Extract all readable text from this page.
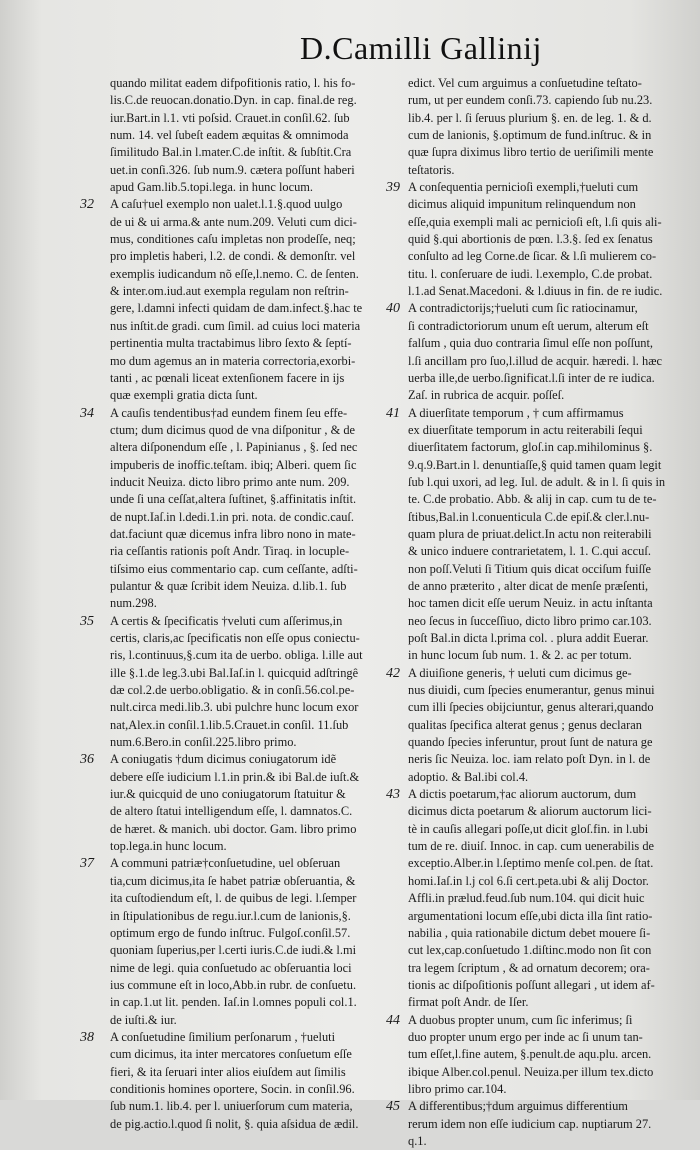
D.Camilli Gallinij
quando militat eadem difpofitionis ratio, l. his fo-
lis.C.de reuocan.donatio.Dyn. in cap. final.de reg.
iur.Bart.in l.1. vti poſsid. Crauet.in conſil.62. ſub
num. 14. vel ſubeſt eadem æquitas & omnimoda
ſimilitudo Bal.in l.mater.C.de inſtit. & ſubſtit.Cra
uet.in conſi.326. ſub num.9. cætera poſſunt haberi
apud Gam.lib.5.topi.lega. in hunc locum.
32 A caſu†uel exemplo non ualet.l.1.§.quod uulgo
de ui & ui arma.& ante num.209. Veluti cum dici-
mus, conditiones caſu impletas non prodeſſe, neq;
pro impletis haberi, l.2. de condi. & demonſtr. vel
exemplis iudicandum nõ eſſe,l.nemo. C. de ſenten.
& inter.om.iud.aut exempla regulam non reſtrin-
gere, l.damni infecti quidam de dam.infect.§.hac te
nus inſtit.de gradi. cum ſimil. ad cuius loci materia
pertinentia multa tractabimus libro ſexto & ſeptí-
mo dum agemus an in materia correctoria,exorbi-
tanti , ac pœnali liceat extenſionem facere in ijs
quæ exempli gratia dicta ſunt.
34 A cauſis tendentibus†ad eundem finem ſeu effe-
ctum; dum dicimus quod de vna diſponitur , & de
altera diſponendum eſſe , l. Papinianus , §. ſed nec
impuberis de inoffic.teſtam. ibiq; Alberi. quem ſic
inducit Neuiza. dicto libro primo ante num. 209.
unde ſi una ceſſat,altera ſuſtinet, §.affinitatis inſtit.
de nupt.Iaſ.in l.dedi.1.in pri. nota. de condic.cauſ.
dat.faciunt quæ dicemus infra libro nono in mate-
ria ceſſantis rationis poſt Andr. Tiraq. in locuple-
tiſsimo eius commentario cap. cum ceſſante, adſti-
pulantur & quæ ſcribit idem Neuiza. d.lib.1. ſub
num.298.
35 A certis & ſpecificatis †veluti cum aſſerimus,in
certis, claris,ac ſpecificatis non eſſe opus coniectu-
ris, l.continuus,§.cum ita de uerbo. obliga. l.ille aut
ille §.1.de leg.3.ubi Bal.Iaſ.in l. quicquid adſtringê
dæ col.2.de uerbo.obligatio. & in conſi.56.col.pe-
nult.circa medi.lib.3. ubi pulchre hunc locum exor
nat,Alex.in conſil.1.lib.5.Crauet.in conſil. 11.ſub
num.6.Bero.in conſil.225.libro primo.
36 A coniugatis †dum dicimus coniugatorum idẽ
debere eſſe iudicium l.1.in prin.& ibi Bal.de iuſt.&
iur.& quicquid de uno coniugatorum ſtatuitur &
de altero ſtatui intelligendum eſſe, l. damnatos.C.
de hæret. & manich. ubi doctor. Gam. libro primo
top.lega.in hunc locum.
37 A communi patriæ†conſuetudine, uel obſeruan
tia,cum dicimus,ita ſe habet patriæ obſeruantia, &
ita cuſtodiendum eſt, l. de quibus de legi. l.ſemper
in ſtipulationibus de regu.iur.l.cum de lanionis,§.
optimum ergo de fundo inſtruc. Fulgoſ.conſil.57.
quoniam ſuperius,per l.certi iuris.C.de iudi.& l.mi
nime de legi. quia conſuetudo ac obſeruantia loci
ius commune eſt in loco,Abb.in rubr. de conſuetu.
in cap.1.ut lit. penden. Iaſ.in l.omnes populi col.1.
de iuſti.& iur.
38 A conſuetudine ſimilium perſonarum , †ueluti
cum dicimus, ita inter mercatores conſuetum eſſe
fieri, & ita ſeruari inter alios eiuſdem aut ſimilis
conditionis homines oportere, Socin. in conſil.96.
ſub num.1. lib.4. per l. uniuerſorum cum materia,
de pig.actio.l.quod ſi nolit, §. quia aſsidua de ædil.
edict. Vel cum arguimus a conſuetudine teſtato-
rum, ut per eundem conſi.73. capiendo ſub nu.23.
lib.4. per l. ſi ſeruus plurium §. en. de leg. 1. & d.
cum de lanionis, §.optimum de fund.inſtruc. & in
quæ ſupra diximus libro tertio de ueriſimili mente
teſtatoris.
39 A conſequentia pernicioſi exempli,†ueluti cum
dicimus aliquid impunitum relinquendum non
eſſe,quia exempli mali ac pernicioſi eſt, l.ſi quis ali-
quid §.qui abortionis de pœn. l.3.§. ſed ex ſenatus
conſulto ad leg Corne.de ſicar. & l.ſi mulierem co-
titu. l. conſeruare de iudi. l.exemplo, C.de probat.
l.1.ad Senat.Macedoni. & l.diuus in fin. de re iudic.
40 A contradictorijs;†ueluti cum ſic ratiocinamur,
ſi contradictoriorum unum eſt uerum, alterum eſt
falſum , quia duo contraria ſimul eſſe non poſſunt,
l.ſi ancillam pro ſuo,l.illud de acquir. hæredi. l. hæc
uerba ille,de uerbo.ſignificat.l.ſi inter de re iudica.
Zaſ. in rubrica de acquir. poſſeſ.
41 A diuerſitate temporum , † cum affirmamus
ex diuerſitate temporum in actu reiterabili ſequi
diuerſitatem factorum, gloſ.in cap.mihilominus §.
9.q.9.Bart.in l. denuntiaſſe,§ quid tamen quam legit
ſub l.qui uxori, ad leg. Iul. de adult. & in l. ſi quis in
te. C.de probatio. Abb. & alij in cap. cum tu de te-
ſtibus,Bal.in l.conuenticula C.de epiſ.& cler.l.nu-
quam plura de priuat.delict.In actu non reiterabili
& unico induere contrarietatem, l. 1. C.qui accuſ.
non poſſ.Veluti ſi Titium quis dicat occiſum fuiſſe
de anno præterito , alter dicat de menſe præſenti,
hoc tamen dicit eſſe uerum Neuiz. in actu inſtanta
neo ſecus in ſucceſſiuo, dicto libro primo car.103.
poſt Bal.in dicta l.prima col. . plura addit Euerar.
in hunc locum ſub num. 1. & 2. ac per totum.
42 A diuiſione generis, † ueluti cum dicimus ge-
nus diuidi, cum ſpecies enumerantur, genus minui
cum illi ſpecies obijciuntur, genus alterari,quando
qualitas ſpecifica alterat genus ; genus declaran
quando ſpecies inferuntur, prout ſunt de natura ge
neris ſic Neuiza. loc. iam relato poſt Dyn. in l. de
adoptio. & Bal.ibi col.4.
43 A dictis poetarum,†ac aliorum auctorum, dum
dicimus dicta poetarum & aliorum auctorum lici-
tè in cauſis allegari poſſe,ut dicit gloſ.fin. in l.ubi
tum de re. diuiſ. Innoc. in cap. cum uenerabilis de
exceptio.Alber.in l.ſeptimo menſe col.pen. de ſtat.
homi.Iaſ.in l.j col 6.ſi cert.peta.ubi & alij Doctor.
Affli.in prælud.feud.ſub num.104. qui dicit huic
argumentationi locum eſſe,ubi dicta illa ſint ratio-
nabilia , quia rationabile dictum debet mouere ſi-
cut lex,cap.conſuetudo 1.diſtinc.modo non ſit con
tra legem ſcriptum , & ad ornatum decorem; ora-
tionis ac diſpoſitionis poſſunt allegari , ut idem af-
firmat poſt Andr. de Iſer.
44 A duobus propter unum, cum ſic inferimus; ſi
duo propter unum ergo per inde ac ſi unum tan-
tum eſſet,l.fine autem, §.penult.de aqu.plu. arcen.
ibique Alber.col.penul. Neuiza.per illum tex.dicto
libro primo car.104.
45 A differentibus;†dum arguimus differentium
rerum idem non eſſe iudicium cap. nuptiarum 27.
q.1.
